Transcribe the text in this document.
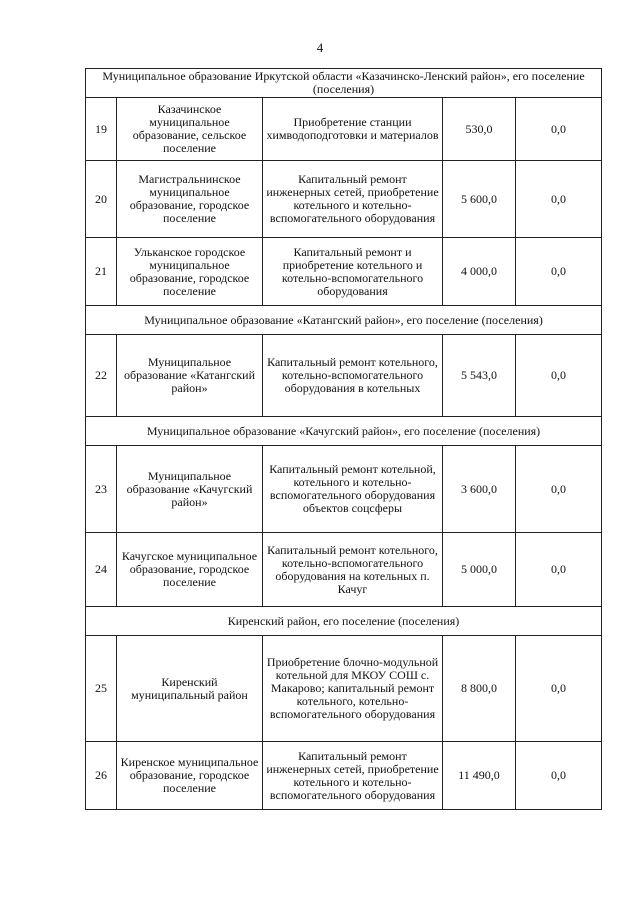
4
Муниципальное образование Иркутской области «Казачинско-Ленский район», его поселение (поселения)				
19	Казачинское муниципальное образование, сельское поселение	Приобретение станции химводоподготовки и материалов	530,0	0,0
20	Магистральнинское муниципальное образование, городское поселение	Капитальный ремонт инженерных сетей, приобретение котельного и котельно-вспомогательного оборудования	5 600,0	0,0
21	Ульканское городское муниципальное образование, городское поселение	Капитальный ремонт и приобретение котельного и котельно-вспомогательного оборудования	4 000,0	0,0
Муниципальное образование «Катангский район», его поселение (поселения)				
22	Муниципальное образование «Катангский район»	Капитальный ремонт котельного, котельно-вспомогательного оборудования в котельных	5 543,0	0,0
Муниципальное образование «Качугский район», его поселение (поселения)				
23	Муниципальное образование «Качугский район»	Капитальный ремонт котельной, котельного и котельно-вспомогательного оборудования объектов соцсферы	3 600,0	0,0
24	Качугское муниципальное образование, городское поселение	Капитальный ремонт котельного, котельно-вспомогательного оборудования на котельных п. Качуг	5 000,0	0,0
Киренский район, его поселение (поселения)				
25	Киренский муниципальный район	Приобретение блочно-модульной котельной для МКОУ СОШ с. Макарово; капитальный ремонт котельного, котельно-вспомогательного оборудования	8 800,0	0,0
26	Киренское муниципальное образование, городское поселение	Капитальный ремонт инженерных сетей, приобретение котельного и котельно-вспомогательного оборудования	11 490,0	0,0
